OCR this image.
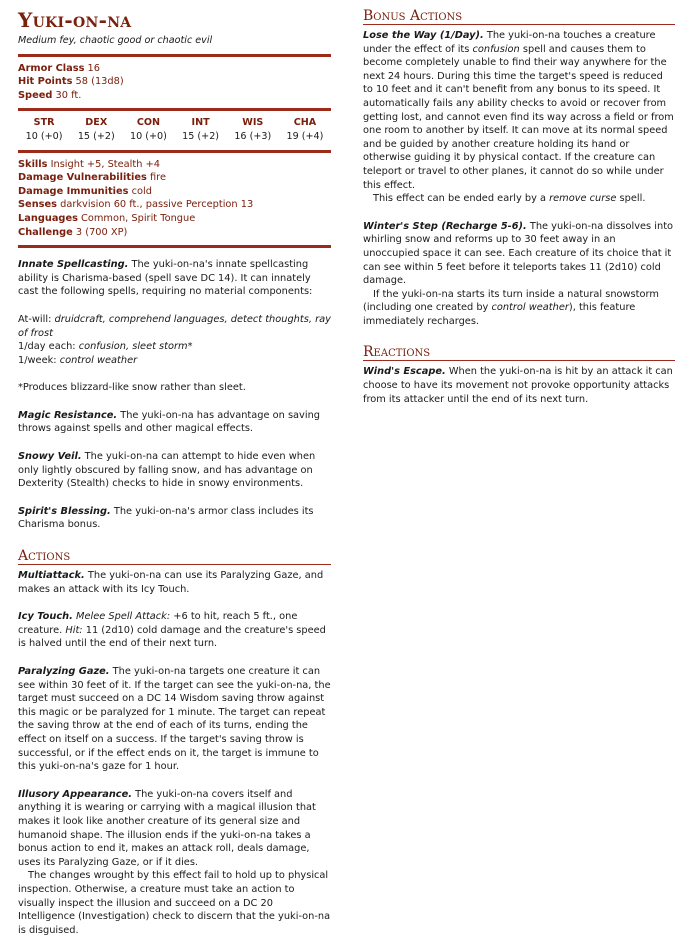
Yuki-on-na
Medium fey, chaotic good or chaotic evil
Armor Class 16
Hit Points 58 (13d8)
Speed 30 ft.
STR
10 (+0)
DEX
15 (+2)
CON
10 (+0)
INT
15 (+2)
WIS
16 (+3)
CHA
19 (+4)
Skills Insight +5, Stealth +4
Damage Vulnerabilities fire
Damage Immunities cold
Senses darkvision 60 ft., passive Perception 13
Languages Common, Spirit Tongue
Challenge 3 (700 XP)

Innate Spellcasting. The yuki-on-na's innate spellcasting ability is Charisma-based (spell save DC 14). It can innately cast the following spells, requiring no material components:

At-will: druidcraft, comprehend languages, detect thoughts, ray of frost

1/day each: confusion, sleet storm*

1/week: control weather

*Produces blizzard-like snow rather than sleet.

Magic Resistance. The yuki-on-na has advantage on saving throws against spells and other magical effects.

Snowy Veil. The yuki-on-na can attempt to hide even when only lightly obscured by falling snow, and has advantage on Dexterity (Stealth) checks to hide in snowy environments.

Spirit's Blessing. The yuki-on-na's armor class includes its Charisma bonus.

Actions

Multiattack. The yuki-on-na can use its Paralyzing Gaze, and makes an attack with its Icy Touch.

Icy Touch. Melee Spell Attack: +6 to hit, reach 5 ft., one creature. Hit: 11 (2d10) cold damage and the creature's speed is halved until the end of their next turn.

Paralyzing Gaze. The yuki-on-na targets one creature it can see within 30 feet of it. If the target can see the yuki-on-na, the target must succeed on a DC 14 Wisdom saving throw against this magic or be paralyzed for 1 minute. The target can repeat the saving throw at the end of each of its turns, ending the effect on itself on a success. If the target's saving throw is successful, or if the effect ends on it, the target is immune to this yuki-on-na's gaze for 1 hour.

Illusory Appearance. The yuki-on-na covers itself and anything it is wearing or carrying with a magical illusion that makes it look like another creature of its general size and humanoid shape. The illusion ends if the yuki-on-na takes a bonus action to end it, makes an attack roll, deals damage, uses its Paralyzing Gaze, or if it dies.

The changes wrought by this effect fail to hold up to physical inspection. Otherwise, a creature must take an action to visually inspect the illusion and succeed on a DC 20 Intelligence (Investigation) check to discern that the yuki-on-na is disguised.

Bonus Actions

Lose the Way (1/Day). The yuki-on-na touches a creature under the effect of its confusion spell and causes them to become completely unable to find their way anywhere for the next 24 hours. During this time the target's speed is reduced to 10 feet and it can't benefit from any bonus to its speed. It automatically fails any ability checks to avoid or recover from getting lost, and cannot even find its way across a field or from one room to another by itself. It can move at its normal speed and be guided by another creature holding its hand or otherwise guiding it by physical contact. If the creature can teleport or travel to other planes, it cannot do so while under this effect.

This effect can be ended early by a remove curse spell.

Winter's Step (Recharge 5-6). The yuki-on-na dissolves into whirling snow and reforms up to 30 feet away in an unoccupied space it can see. Each creature of its choice that it can see within 5 feet before it teleports takes 11 (2d10) cold damage.

If the yuki-on-na starts its turn inside a natural snowstorm (including one created by control weather), this feature immediately recharges.

Reactions

Wind's Escape. When the yuki-on-na is hit by an attack it can choose to have its movement not provoke opportunity attacks from its attacker until the end of its next turn.
